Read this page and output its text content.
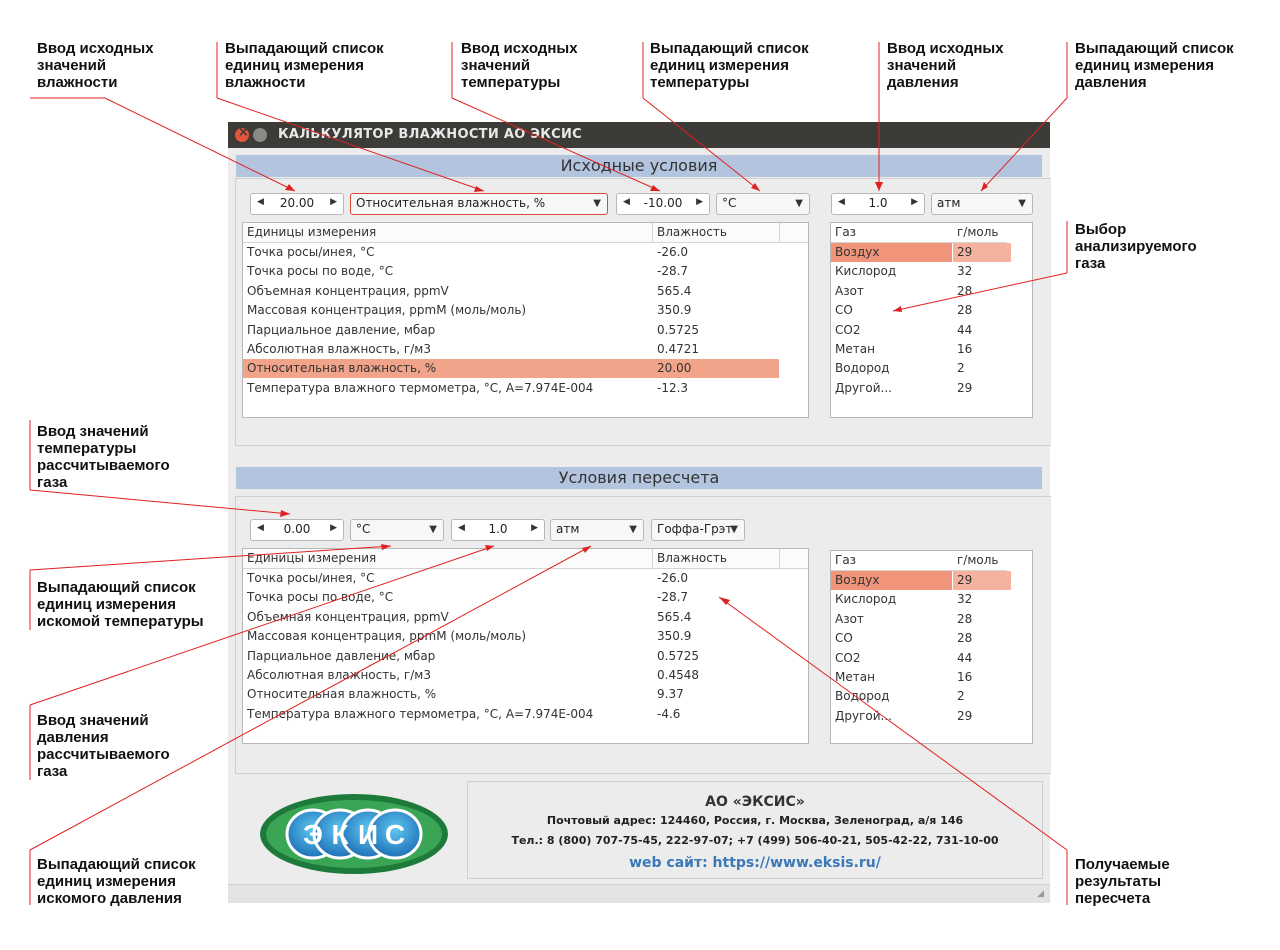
Ввод исходных
значений
влажности
Выпадающий список
единиц измерения
влажности
Ввод исходных
значений
температуры
Выпадающий список
единиц измерения
температуры
Ввод исходных
значений
давления
Выпадающий список
единиц измерения
давления
Выбор
анализируемого
газа
Ввод значений
температуры
рассчитываемого
газа
Выпадающий список
единиц измерения
искомой температуры
Ввод значений
давления
рассчитываемого
газа
Выпадающий список
единиц измерения
искомого давления
Получаемые
результаты
пересчета
×
КАЛЬКУЛЯТОР ВЛАЖНОСТИ АО ЭКСИС
Исходные условия
◀	20.00	▶ Относительная влажность, %	▼ ◀	-10.00	▶ °C	▼	◀	1.0	▶ атм	▼
Единицы измерения	Влажность
Точка росы/инея, °C	-26.0
Точка росы по воде, °C	-28.7
Объемная концентрация, ppmV	565.4
Массовая концентрация, ppmM (моль/моль)	350.9
Парциальное давление, мбар	0.5725
Абсолютная влажность, г/м3	0.4721
Относительная влажность, %	20.00
Температура влажного термометра, °C, A=7.974E-004	-12.3
Газ	г/моль
Воздух	29
Кислород	32
Азот	28
CO	28
CO2	44
Метан	16
Водород	2
Другой...	29
Условия пересчета
◀	0.00	▶ °C	▼ ◀	1.0	▶ атм	▼ Гоффа-Грэт
▼
Единицы измерения	Влажность
Точка росы/инея, °C	-26.0
Точка росы по воде, °C	-28.7
Объемная концентрация, ppmV	565.4
Массовая концентрация, ppmM (моль/моль)	350.9
Парциальное давление, мбар	0.5725
Абсолютная влажность, г/м3	0.4548
Относительная влажность, %	9.37
Температура влажного термометра, °C, A=7.974E-004	-4.6
Газ	г/моль
Воздух	29
Кислород	32
Азот	28
CO	28
CO2	44
Метан	16
Водород	2
Другой...	29
Э К И С
АО «ЭКСИС»
Почтовый адрес: 124460, Россия, г. Москва, Зеленоград, а/я 146
Тел.: 8 (800) 707-75-45, 222-97-07; +7 (499) 506-40-21, 505-42-22, 731-10-00
web сайт: https://www.eksis.ru/
◢
